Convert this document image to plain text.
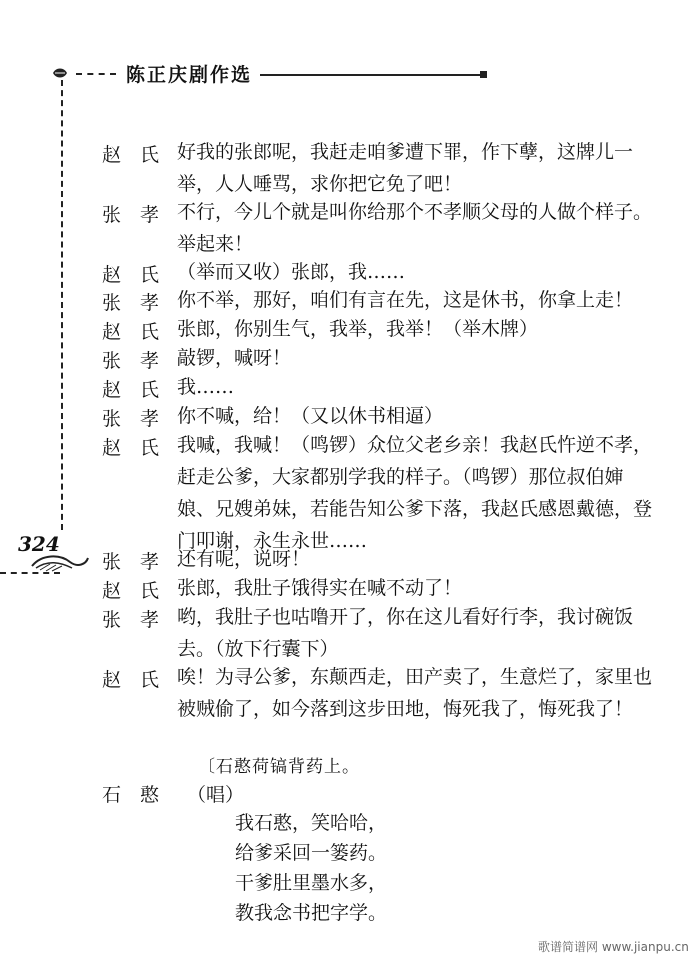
陈正庆剧作选
324
赵　氏 好我的张郎呢，我赶走咱爹遭下罪，作下孽，这牌儿一举，人人唾骂，求你把它免了吧！
张　孝 不行，今儿个就是叫你给那个不孝顺父母的人做个样子。举起来！
赵　氏 （举而又收）张郎，我……
张　孝 你不举，那好，咱们有言在先，这是休书，你拿上走！
赵　氏 张郎，你别生气，我举，我举！（举木牌）
张　孝 敲锣，喊呀！
赵　氏 我……
张　孝 你不喊，给！（又以休书相逼）
赵　氏 我喊，我喊！（鸣锣）众位父老乡亲！我赵氏忤逆不孝，赶走公爹，大家都别学我的样子。（鸣锣）那位叔伯婶娘、兄嫂弟妹，若能告知公爹下落，我赵氏感恩戴德，登门叩谢，永生永世……
张　孝 还有呢，说呀！
赵　氏 张郎，我肚子饿得实在喊不动了！
张　孝 哟，我肚子也咕噜开了，你在这儿看好行李，我讨碗饭去。（放下行囊下）
赵　氏 唉！为寻公爹，东颠西走，田产卖了，生意烂了，家里也被贼偷了，如今落到这步田地，悔死我了，悔死我了！
〔石憨荷镐背药上。
石　憨 （唱）
我石憨，笑哈哈，
给爹采回一篓药。
干爹肚里墨水多，
教我念书把字学。
歌谱简谱网 www.jianpu.cn
